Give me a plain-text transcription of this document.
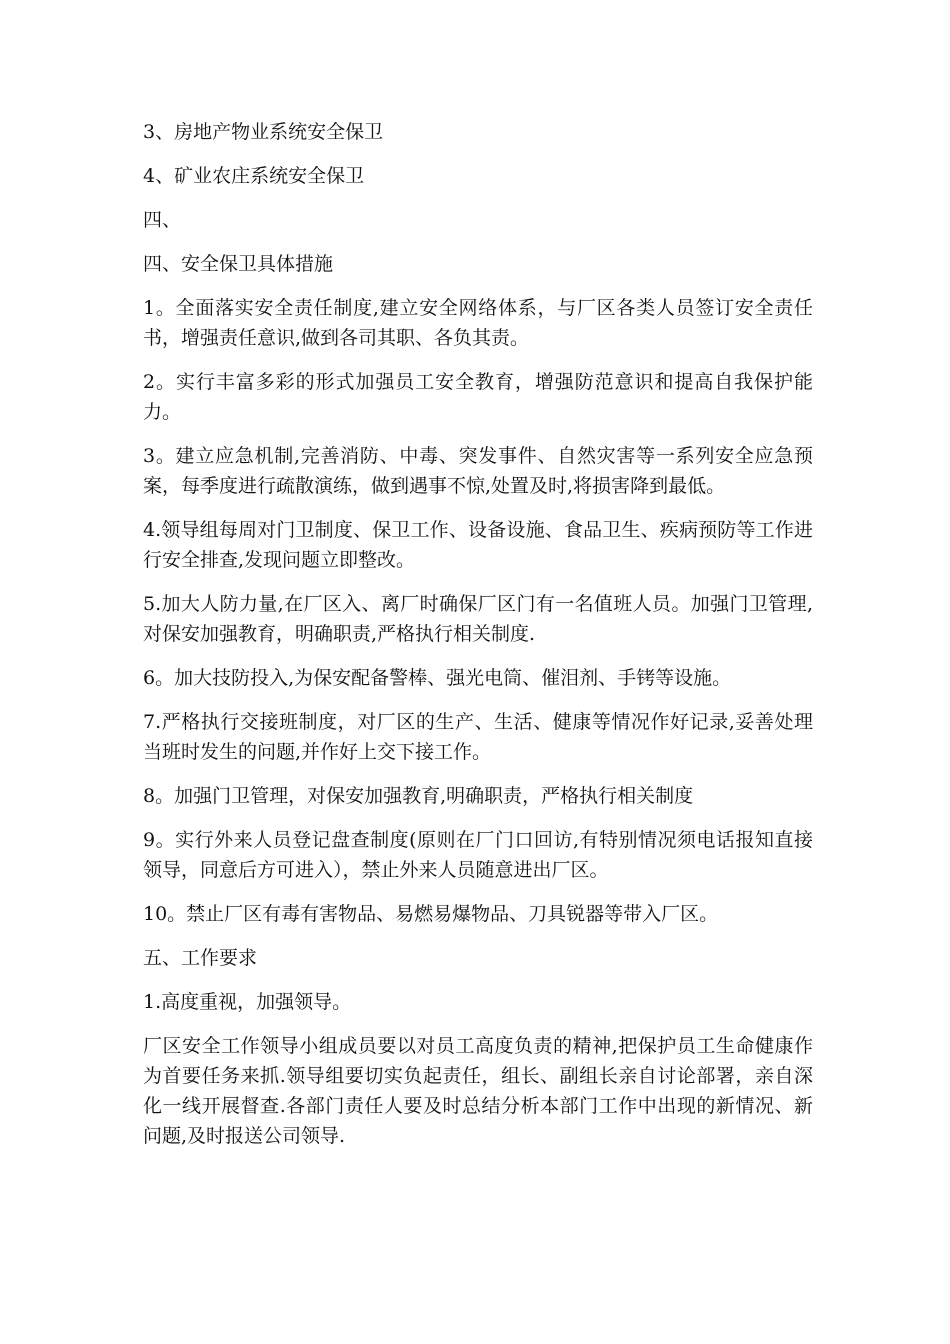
3、房地产物业系统安全保卫

4、矿业农庄系统安全保卫

四、

四、安全保卫具体措施

1。全面落实安全责任制度,建立安全网络体系，与厂区各类人员签订安全责任书，增强责任意识,做到各司其职、各负其责。

2。实行丰富多彩的形式加强员工安全教育，增强防范意识和提高自我保护能力。

3。建立应急机制,完善消防、中毒、突发事件、自然灾害等一系列安全应急预案，每季度进行疏散演练，做到遇事不惊,处置及时,将损害降到最低。

4.领导组每周对门卫制度、保卫工作、设备设施、食品卫生、疾病预防等工作进行安全排查,发现问题立即整改。

5.加大人防力量,在厂区入、离厂时确保厂区门有一名值班人员。加强门卫管理,对保安加强教育，明确职责,严格执行相关制度.

6。加大技防投入,为保安配备警棒、强光电筒、催泪剂、手铐等设施。

7.严格执行交接班制度，对厂区的生产、生活、健康等情况作好记录,妥善处理当班时发生的问题,并作好上交下接工作。

8。加强门卫管理，对保安加强教育,明确职责，严格执行相关制度

9。实行外来人员登记盘查制度(原则在厂门口回访,有特别情况须电话报知直接领导，同意后方可进入），禁止外来人员随意进出厂区。

10。禁止厂区有毒有害物品、易燃易爆物品、刀具锐器等带入厂区。

五、工作要求

1.高度重视，加强领导。

厂区安全工作领导小组成员要以对员工高度负责的精神,把保护员工生命健康作为首要任务来抓.领导组要切实负起责任，组长、副组长亲自讨论部署，亲自深化一线开展督查.各部门责任人要及时总结分析本部门工作中出现的新情况、新问题,及时报送公司领导.
